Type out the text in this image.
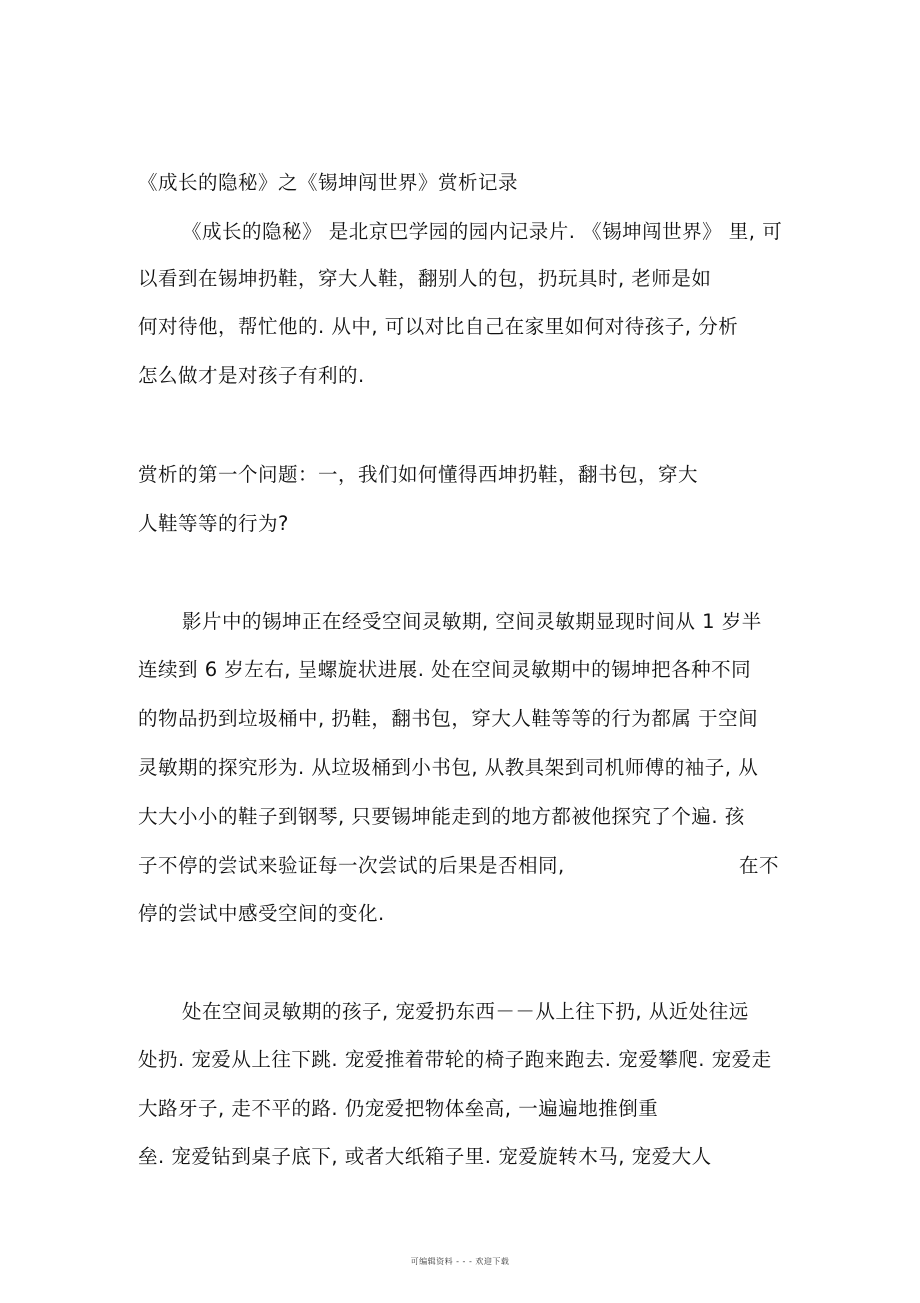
《成长的隐秘》之《锡坤闯世界》赏析记录
《成长的隐秘》 是北京巴学园的园内记录片. 《锡坤闯世界》 里, 可
以看到在锡坤扔鞋，穿大人鞋，翻别人的包，扔玩具时, 老师是如
何对待他，帮忙他的. 从中, 可以对比自己在家里如何对待孩子, 分析
怎么做才是对孩子有利的.
赏析的第一个问题：一，我们如何懂得西坤扔鞋，翻书包，穿大
人鞋等等的行为?
影片中的锡坤正在经受空间灵敏期, 空间灵敏期显现时间从 1 岁半
连续到 6 岁左右, 呈螺旋状进展. 处在空间灵敏期中的锡坤把各种不同
的物品扔到垃圾桶中, 扔鞋，翻书包，穿大人鞋等等的行为都属 于空间
灵敏期的探究形为. 从垃圾桶到小书包, 从教具架到司机师傅的袖子, 从
大大小小的鞋子到钢琴, 只要锡坤能走到的地方都被他探究了个遍. 孩
子不停的尝试来验证每一次尝试的后果是否相同,	在不
停的尝试中感受空间的变化.
处在空间灵敏期的孩子, 宠爱扔东西－－从上往下扔, 从近处往远
处扔. 宠爱从上往下跳. 宠爱推着带轮的椅子跑来跑去. 宠爱攀爬. 宠爱走
大路牙子, 走不平的路. 仍宠爱把物体垒高, 一遍遍地推倒重
垒. 宠爱钻到桌子底下, 或者大纸箱子里. 宠爱旋转木马, 宠爱大人
可编辑资料 - - - 欢迎下载
